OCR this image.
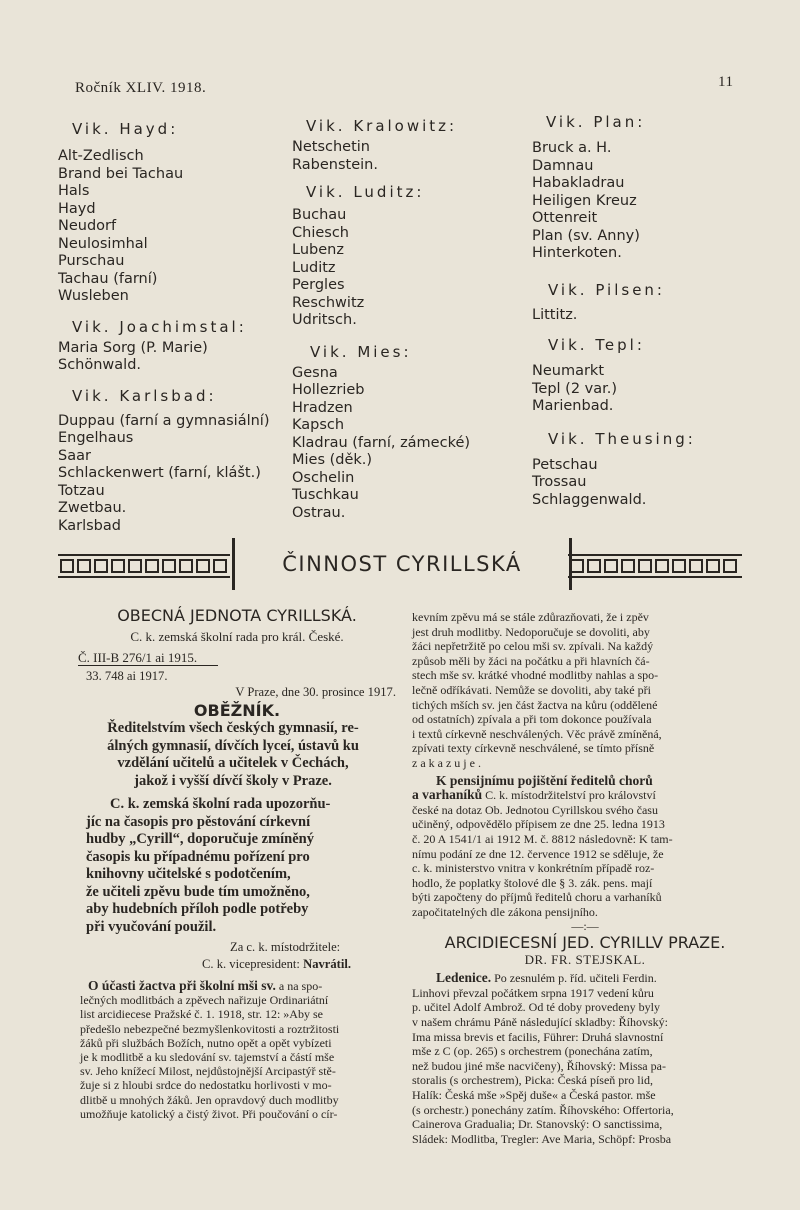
Ročník XLIV. 1918.	11
Vik. Hayd:
Alt-Zedlisch
Brand bei Tachau
Hals
Hayd
Neudorf
Neulosimhal
Purschau
Tachau (farní)
Wusleben
Vik. Joachimstal:
Maria Sorg (P. Marie)
Schönwald.
Vik. Karlsbad:
Duppau (farní a gymnasiální)
Engelhaus
Saar
Schlackenwert (farní, klášt.)
Totzau
Zwetbau.
Karlsbad
Vik. Kralowitz:
Netschetin
Rabenstein.
Vik. Luditz:
Buchau
Chiesch
Lubenz
Luditz
Pergles
Reschwitz
Udritsch.
Vik. Mies:
Gesna
Hollezrieb
Hradzen
Kapsch
Kladrau (farní, zámecké)
Mies (děk.)
Oschelin
Tuschkau
Ostrau.
Vik. Plan:
Bruck a. H.
Damnau
Habakladrau
Heiligen Kreuz
Ottenreit
Plan (sv. Anny)
Hinterkoten.
Vik. Pilsen:
Littitz.
Vik. Tepl:
Neumarkt
Tepl (2 var.)
Marienbad.
Vik. Theusing:
Petschau
Trossau
Schlaggenwald.
ČINNOST CYRILLSKÁ
OBECNÁ JEDNOTA CYRILLSKÁ.
C. k. zemská školní rada pro král. České.
Č. III-B 276/1 ai 1915.
33. 748 ai 1917.
V Praze, dne 30. prosince 1917.
OBĚŽNÍK.
Ředitelstvím všech českých gymnasií, re-
álných gymnasií, dívčích lyceí, ústavů ku
vzdělání učitelů a učitelek v Čechách,
jakož i vyšší dívčí školy v Praze.
C. k. zemská školní rada upozorňu-
jíc na časopis pro pěstování církevní
hudby „Cyrill“, doporučuje zmíněný
časopis ku případnému pořízení pro
knihovny učitelské s podotčením,
že učiteli zpěvu bude tím umožněno,
aby hudebních příloh podle potřeby
při vyučování použil.
Za c. k. místodržitele:
C. k. vicepresident: Navrátil.
O účasti žactva při školní mši sv. a na spo-
lečných modlitbách a zpěvech nařizuje Ordinariátní
list arcidiecese Pražské č. 1. 1918, str. 12: »Aby se
předešlo nebezpečné bezmyšlenkovitosti a roztržitosti
žáků při službách Božích, nutno opět a opět vybízeti
je k modlitbě a ku sledování sv. tajemství a částí mše
sv. Jeho knížecí Milost, nejdůstojnější Arcipastýř stě-
žuje si z hloubi srdce do nedostatku horlivosti v mo-
dlitbě u mnohých žáků. Jen opravdový duch modlitby
umožňuje katolický a čistý život. Při poučování o cír-
kevním zpěvu má se stále zdůrazňovati, že i zpěv
jest druh modlitby. Nedoporučuje se dovoliti, aby
žáci nepřetržitě po celou mši sv. zpívali. Na každý
způsob měli by žáci na počátku a při hlavních čá-
stech mše sv. krátké vhodné modlitby nahlas a spo-
lečně odříkávati. Nemůže se dovoliti, aby také při
tichých mších sv. jen část žactva na kůru (oddělené
od ostatních) zpívala a při tom dokonce používala
i textů církevně neschválených. Věc právě zmíněná,
zpívati texty církevně neschválené, se tímto přísně
zakazuje.
K pensijnímu pojištění ředitelů chorů
a varhaníků C. k. místodržitelství pro království
české na dotaz Ob. Jednotou Cyrillskou svého času
učiněný, odpovědělo přípisem ze dne 25. ledna 1913
č. 20 A 1541/1 ai 1912 M. č. 8812 následovně: K tam-
nímu podání ze dne 12. července 1912 se sděluje, že
c. k. ministerstvo vnitra v konkrétním případě roz-
hodlo, že poplatky štolové dle § 3. zák. pens. mají
býti započteny do příjmů ředitelů choru a varhaníků
započitatelných dle zákona pensijního.
—:—
ARCIDIECESNÍ JED. CYRILLV PRAZE.
DR. FR. STEJSKAL.
Ledenice. Po zesnulém p. říd. učiteli Ferdin.
Linhovi převzal počátkem srpna 1917 vedení kůru
p. učitel Adolf Ambrož. Od té doby provedeny byly
v našem chrámu Páně následující skladby: Říhovský:
Ima missa brevis et facilis, Führer: Druhá slavnostní
mše z C (op. 265) s orchestrem (ponechána zatím,
než budou jiné mše nacvičeny), Říhovský: Missa pa-
storalis (s orchestrem), Picka: Česká píseň pro lid,
Halík: Česká mše »Spěj duše« a Česká pastor. mše
(s orchestr.) ponechány zatím. Říhovského: Offertoria,
Cainerova Gradualia; Dr. Stanovský: O sanctissima,
Sládek: Modlitba, Tregler: Ave Maria, Schöpf: Prosba
